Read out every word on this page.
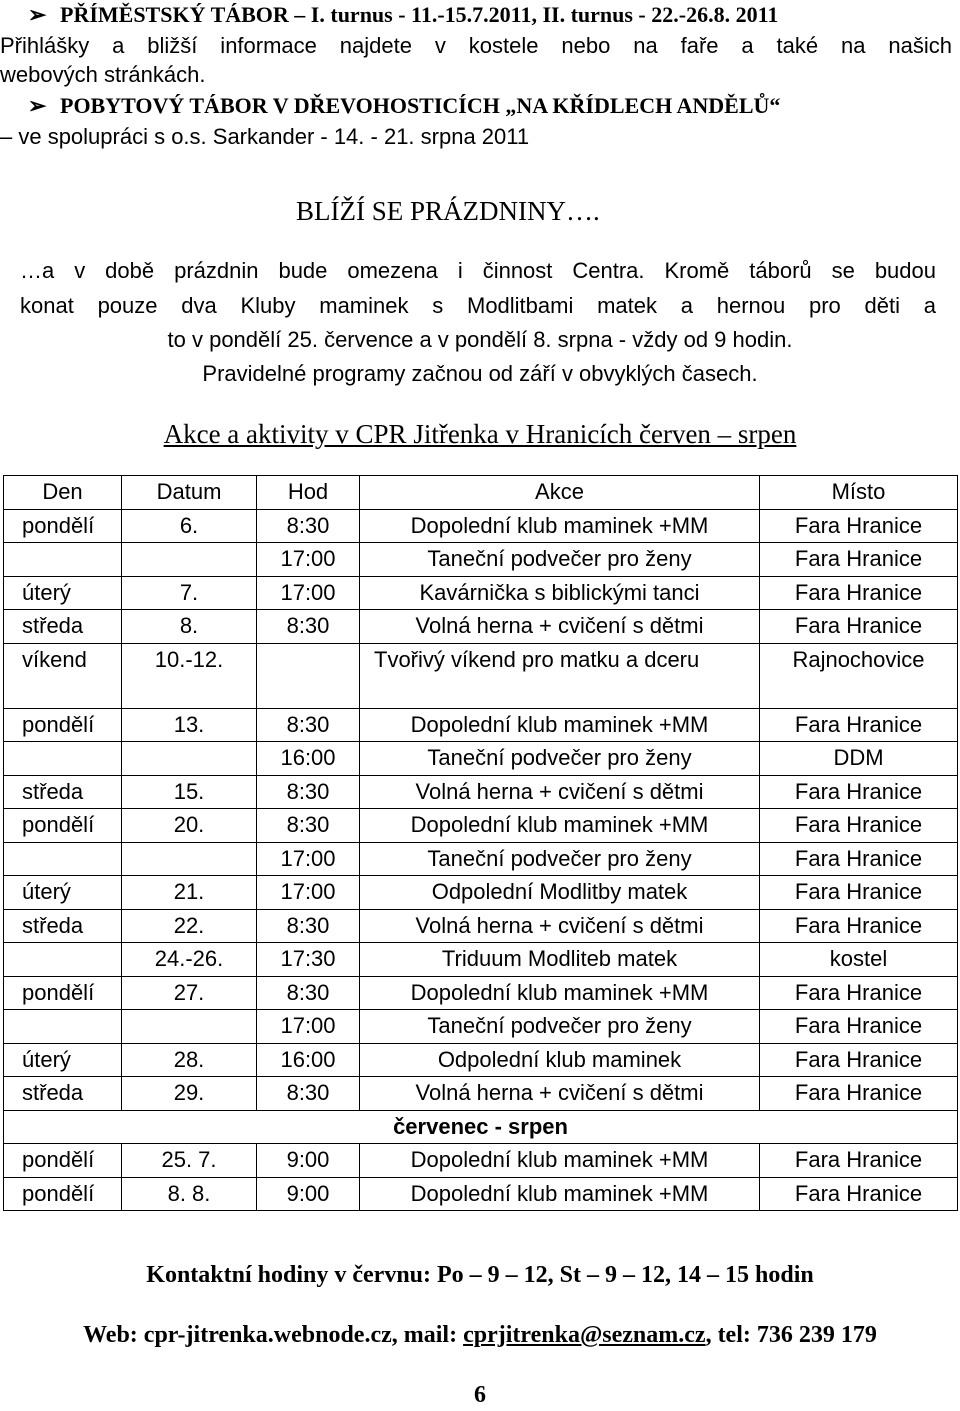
➢ PŘÍMĚSTSKÝ TÁBOR – I. turnus - 11.-15.7.2011, II. turnus - 22.-26.8. 2011
Přihlášky a bližší informace najdete v kostele nebo na faře a také na našich
webových stránkách.
➢ POBYTOVÝ TÁBOR V DŘEVOHOSTICÍCH „NA KŘÍDLECH ANDĚLŮ“
– ve spolupráci s o.s. Sarkander - 14. - 21. srpna 2011
BLÍŽÍ SE PRÁZDNINY….
…a v době prázdnin bude omezena i činnost Centra. Kromě táborů se budou
konat pouze dva Kluby maminek s Modlitbami matek a hernou pro děti a
to v pondělí 25. července a v pondělí 8. srpna - vždy od 9 hodin.
Pravidelné programy začnou od září v obvyklých časech.
Akce a aktivity v CPR Jitřenka v Hranicích červen – srpen
Den	Datum	Hod	Akce	Místo
pondělí	6.	8:30	Dopolední klub maminek +MM	Fara Hranice
		17:00	Taneční podvečer pro ženy	Fara Hranice
úterý	7.	17:00	Kavárnička s biblickými tanci	Fara Hranice
středa	8.	8:30	Volná herna + cvičení s dětmi	Fara Hranice
víkend	10.-12.		Tvořivý víkend pro matku a dceru	Rajnochovice
pondělí	13.	8:30	Dopolední klub maminek +MM	Fara Hranice
		16:00	Taneční podvečer pro ženy	DDM
středa	15.	8:30	Volná herna + cvičení s dětmi	Fara Hranice
pondělí	20.	8:30	Dopolední klub maminek +MM	Fara Hranice
		17:00	Taneční podvečer pro ženy	Fara Hranice
úterý	21.	17:00	Odpolední Modlitby matek	Fara Hranice
středa	22.	8:30	Volná herna + cvičení s dětmi	Fara Hranice
	24.-26.	17:30	Triduum Modliteb matek	kostel
pondělí	27.	8:30	Dopolední klub maminek +MM	Fara Hranice
		17:00	Taneční podvečer pro ženy	Fara Hranice
úterý	28.	16:00	Odpolední klub maminek	Fara Hranice
středa	29.	8:30	Volná herna + cvičení s dětmi	Fara Hranice
červenec - srpen				
pondělí	25. 7.	9:00	Dopolední klub maminek +MM	Fara Hranice
pondělí	8. 8.	9:00	Dopolední klub maminek +MM	Fara Hranice
Kontaktní hodiny v červnu: Po – 9 – 12, St – 9 – 12, 14 – 15 hodin
Web: cpr-jitrenka.webnode.cz, mail: cprjitrenka@seznam.cz, tel: 736 239 179
6
